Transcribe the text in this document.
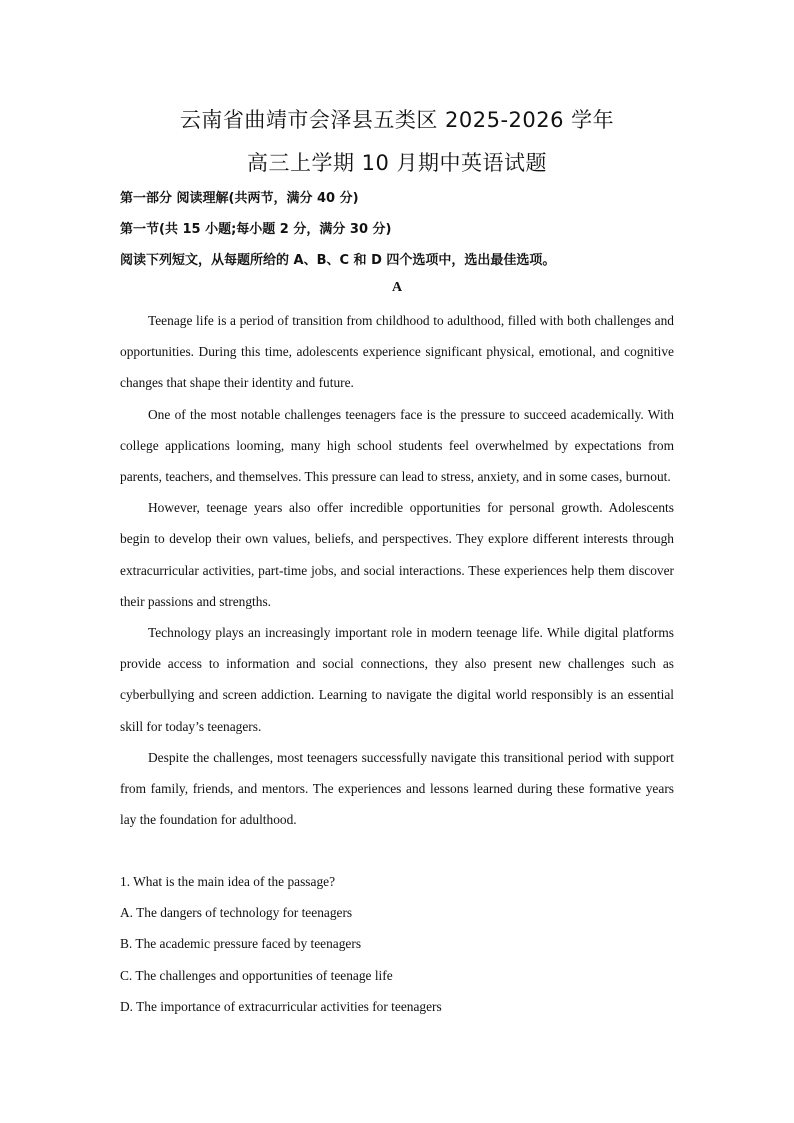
云南省曲靖市会泽县五类区 2025-2026 学年
高三上学期 10 月期中英语试题
第一部分 阅读理解(共两节，满分 40 分)
第一节(共 15 小题;每小题 2 分，满分 30 分)
阅读下列短文，从每题所给的 A、B、C 和 D 四个选项中，选出最佳选项。
A

Teenage life is a period of transition from childhood to adulthood, filled with both challenges and opportunities. During this time, adolescents experience significant physical, emotional, and cognitive changes that shape their identity and future.

One of the most notable challenges teenagers face is the pressure to succeed academically. With college applications looming, many high school students feel overwhelmed by expectations from parents, teachers, and themselves. This pressure can lead to stress, anxiety, and in some cases, burnout.

However, teenage years also offer incredible opportunities for personal growth. Adolescents begin to develop their own values, beliefs, and perspectives. They explore different interests through extracurricular activities, part-time jobs, and social interactions. These experiences help them discover their passions and strengths.

Technology plays an increasingly important role in modern teenage life. While digital platforms provide access to information and social connections, they also present new challenges such as cyberbullying and screen addiction. Learning to navigate the digital world responsibly is an essential skill for today’s teenagers.

Despite the challenges, most teenagers successfully navigate this transitional period with support from family, friends, and mentors. The experiences and lessons learned during these formative years lay the foundation for adulthood.

1. What is the main idea of the passage?
A. The dangers of technology for teenagers
B. The academic pressure faced by teenagers
C. The challenges and opportunities of teenage life
D. The importance of extracurricular activities for teenagers
